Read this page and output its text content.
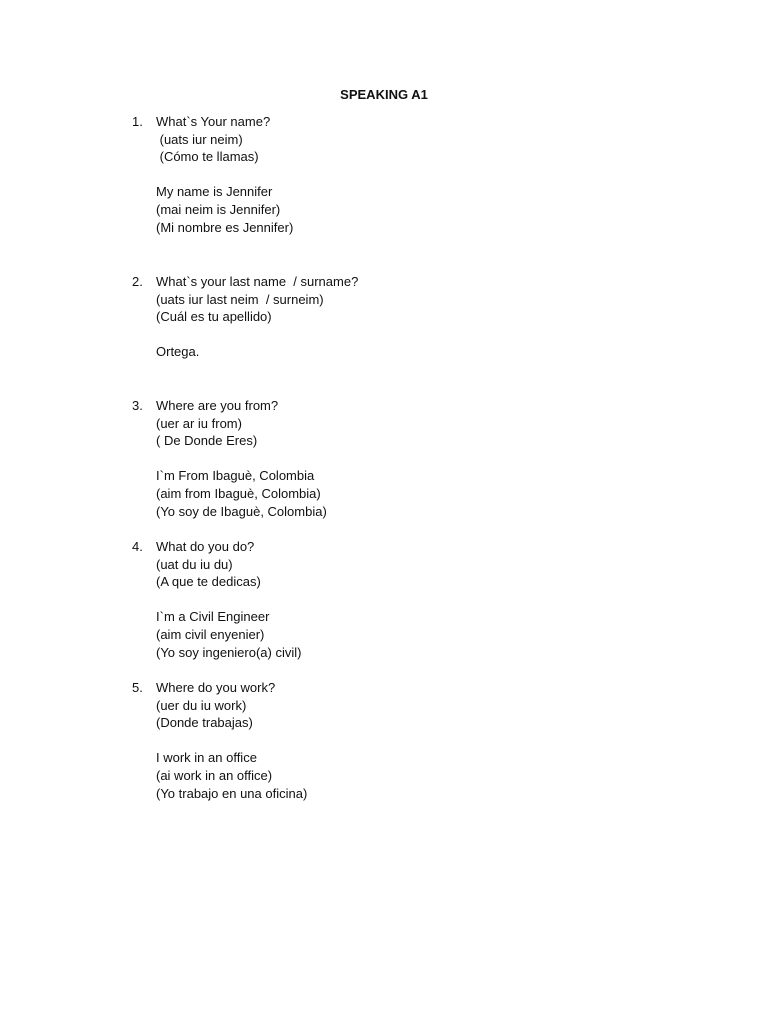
SPEAKING A1
1.	What`s Your name?
(uats iur neim)
(Cómo te llamas)
My name is Jennifer
(mai neim is Jennifer)
(Mi nombre es Jennifer)
2.	What`s your last name  / surname?
(uats iur last neim  / surneim)
(Cuál es tu apellido)
Ortega.
3.	Where are you from?
(uer ar iu from)
( De Donde Eres)
I`m From Ibaguè, Colombia
(aim from Ibaguè, Colombia)
(Yo soy de Ibaguè, Colombia)
4.	What do you do?
(uat du iu du)
(A que te dedicas)
I`m a Civil Engineer
(aim civil enyenier)
(Yo soy ingeniero(a) civil)
5.	Where do you work?
(uer du iu work)
(Donde trabajas)
I work in an office
(ai work in an office)
(Yo trabajo en una oficina)
